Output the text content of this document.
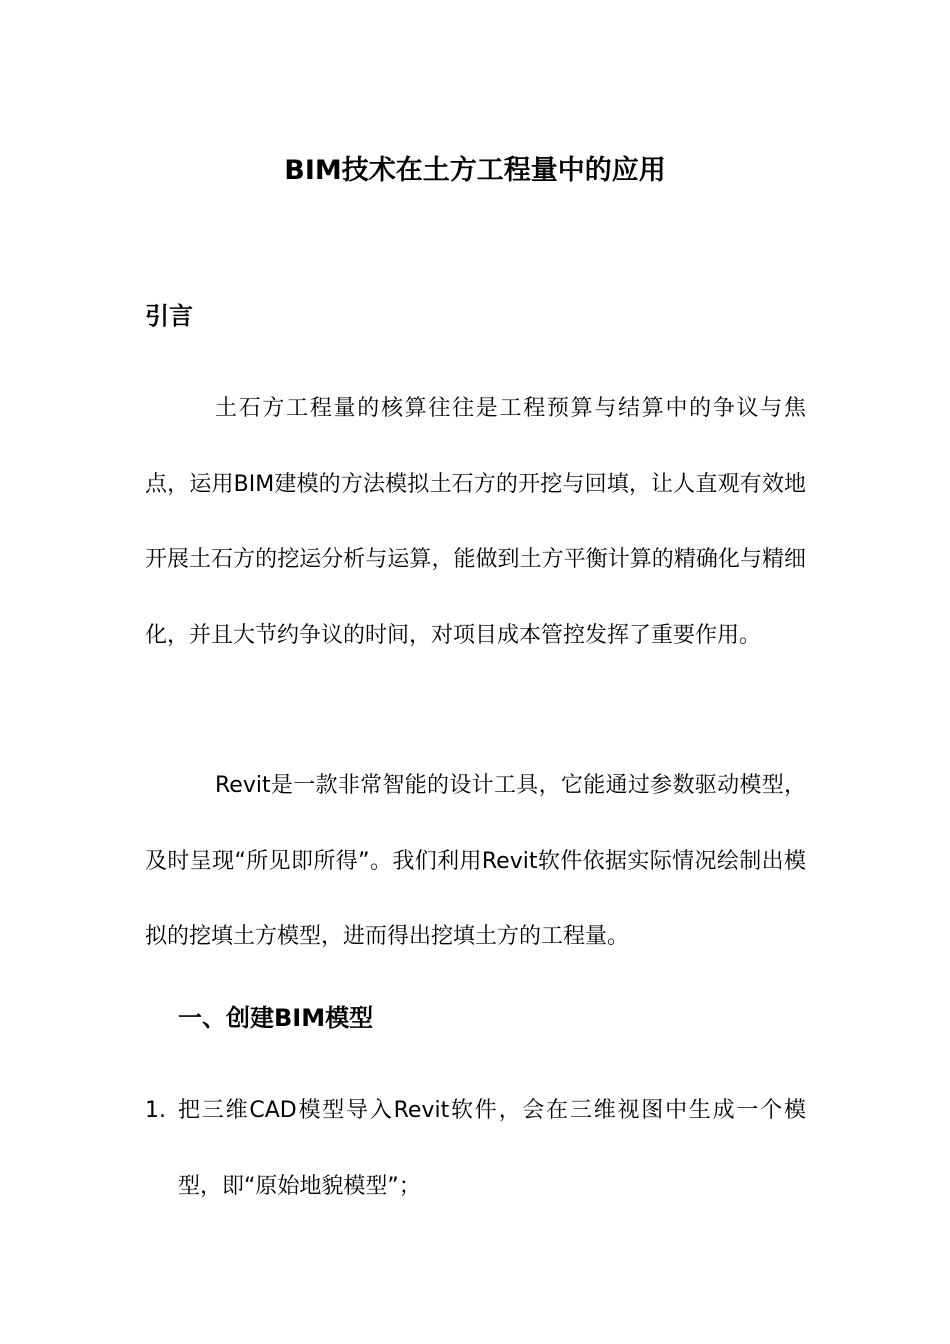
BIM技术在土方工程量中的应用
引言

土石方工程量的核算往往是工程预算与结算中的争议与焦点，运用BIM建模的方法模拟土石方的开挖与回填，让人直观有效地开展土石方的挖运分析与运算，能做到土方平衡计算的精确化与精细化，并且大节约争议的时间，对项目成本管控发挥了重要作用。

Revit是一款非常智能的设计工具，它能通过参数驱动模型，及时呈现“所见即所得”。我们利用Revit软件依据实际情况绘制出模拟的挖填土方模型，进而得出挖填土方的工程量。

一、创建BIM模型
1. 把三维CAD模型导入Revit软件，会在三维视图中生成一个模型，即“原始地貌模型”；
